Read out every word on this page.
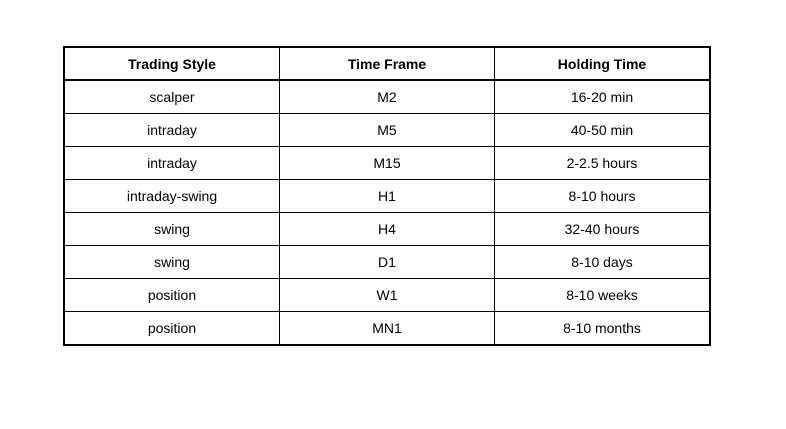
Trading Style	Time Frame	Holding Time
scalper	M2	16-20 min
intraday	M5	40-50 min
intraday	M15	2-2.5 hours
intraday-swing	H1	8-10 hours
swing	H4	32-40 hours
swing	D1	8-10 days
position	W1	8-10 weeks
position	MN1	8-10 months
